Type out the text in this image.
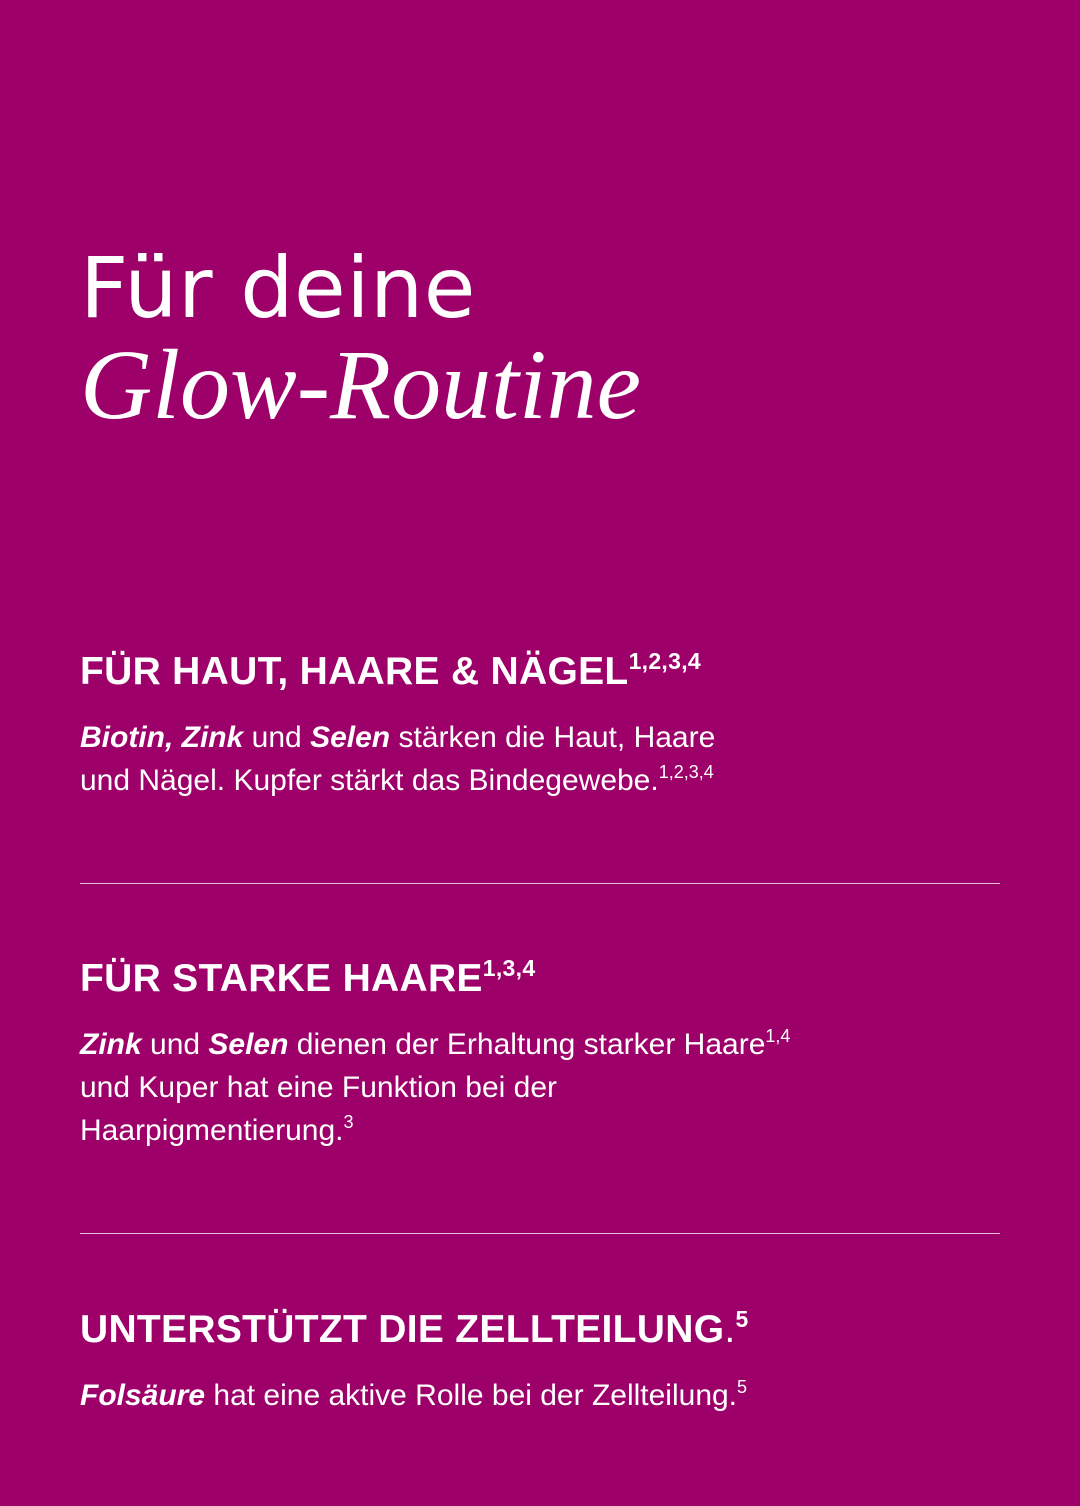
Für deine
Glow-Routine
FÜR HAUT, HAARE & NÄGEL$^{1,2,3,4}$
Biotin, Zink und Selen stärken die Haut, Haare
und Nägel. Kupfer stärkt das Bindegewebe.$^{1,2,3,4}$
FÜR STARKE HAARE$^{1,3,4}$
Zink und Selen dienen der Erhaltung starker Haare$^{1,4}$
und Kuper hat eine Funktion bei der
Haarpigmentierung.$^3$
UNTERSTÜTZT DIE ZELLTEILUNG.$^5$
Folsäure hat eine aktive Rolle bei der Zellteilung.$^5$
